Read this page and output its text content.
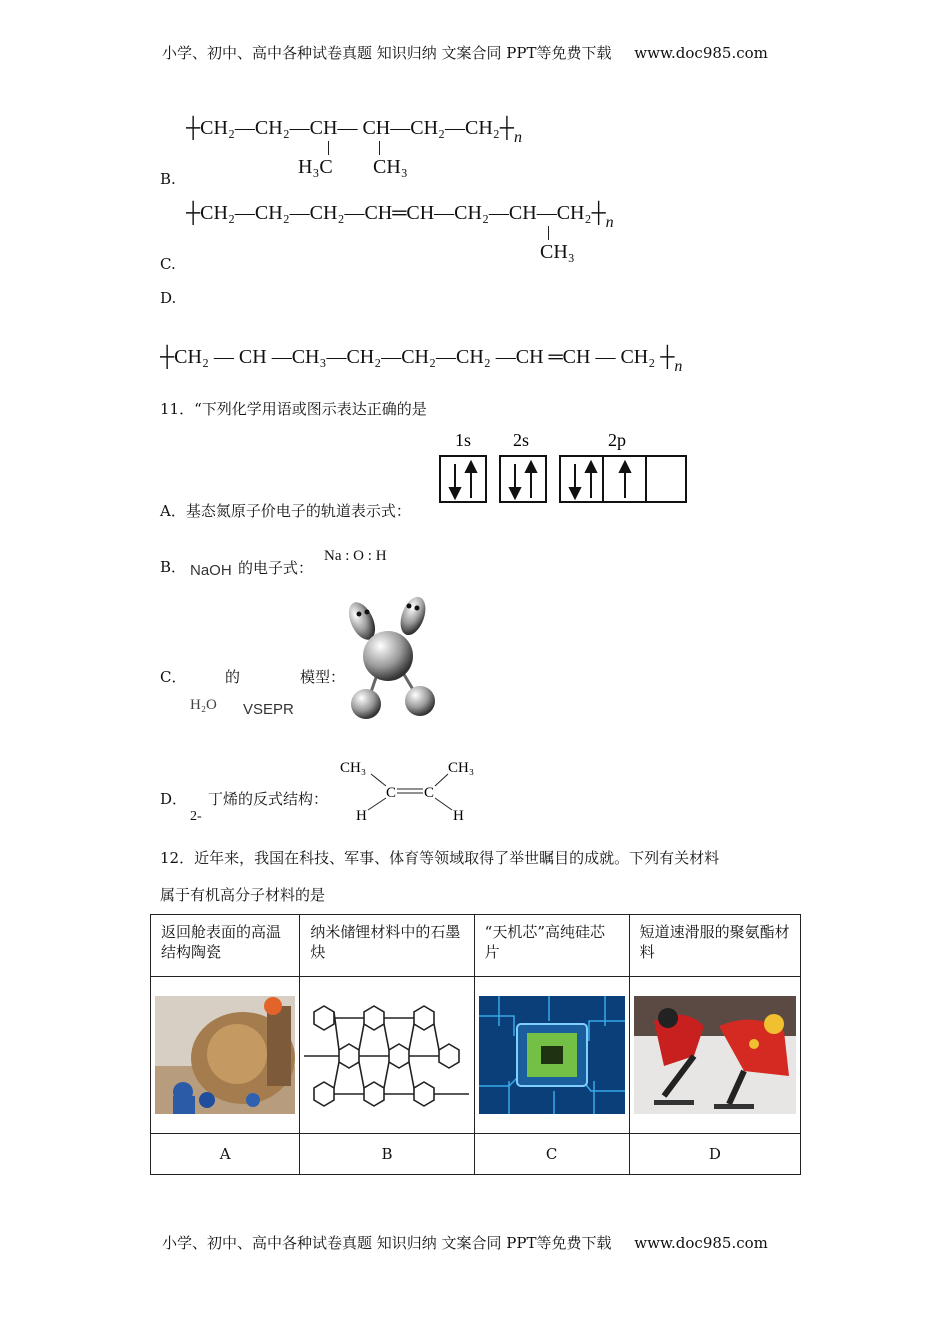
小学、初中、高中各种试卷真题 知识归纳 文案合同 PPT等免费下载 www.doc985.com
┼CH₂—CH₂—CH— $CH—CH_2—CH_2┼_n$
H₃C CH₃
B.
$┼CH_2—CH_2—CH_2—CH═CH—CH_2—CH—CH_2┼_n$
CH₃
C.
D.
┼CH₂ — CH —CH₃—CH₂—CH₂—CH₂ —CH ═CH — CH₂ $┼_n$
11．“下列化学用语或图示表达正确的是
A．基态氮原子价电子的轨道表示式：
1s 2s	2p
B． NaOH 的电子式：
Na : O : H
C．	的	模型：
H₂O VSEPR
D． 丁烯的反式结构：
2-
CH₃	CH₃
C C
H	H
12．近年来，我国在科技、军事、体育等领域取得了举世瞩目的成就。下列有关材料
属于有机高分子材料的是
返回舱表面的高温结构陶瓷	纳米储锂材料中的石墨炔	“天机芯”高纯硅芯片	短道速滑服的聚氨酯材料

A	B	C	D
小学、初中、高中各种试卷真题 知识归纳 文案合同 PPT等免费下载 www.doc985.com
